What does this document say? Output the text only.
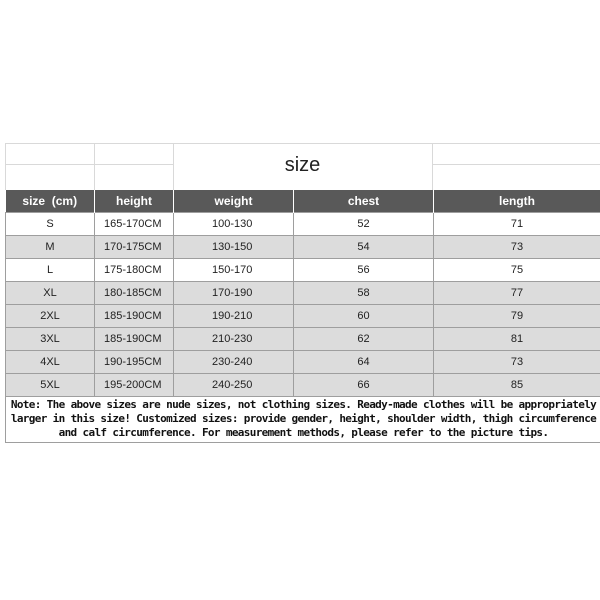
size
size  (cm)	height	weight	chest	length
S	165-170CM	100-130	52	71
M	170-175CM	130-150	54	73
L	175-180CM	150-170	56	75
XL	180-185CM	170-190	58	77
2XL	185-190CM	190-210	60	79
3XL	185-190CM	210-230	62	81
4XL	190-195CM	230-240	64	73
5XL	195-200CM	240-250	66	85
Note: The above sizes are nude sizes, not clothing sizes. Ready-made clothes will be appropriately larger in this size! Customized sizes: provide gender, height, shoulder width, thigh circumference and calf circumference. For measurement methods, please refer to the picture tips.
